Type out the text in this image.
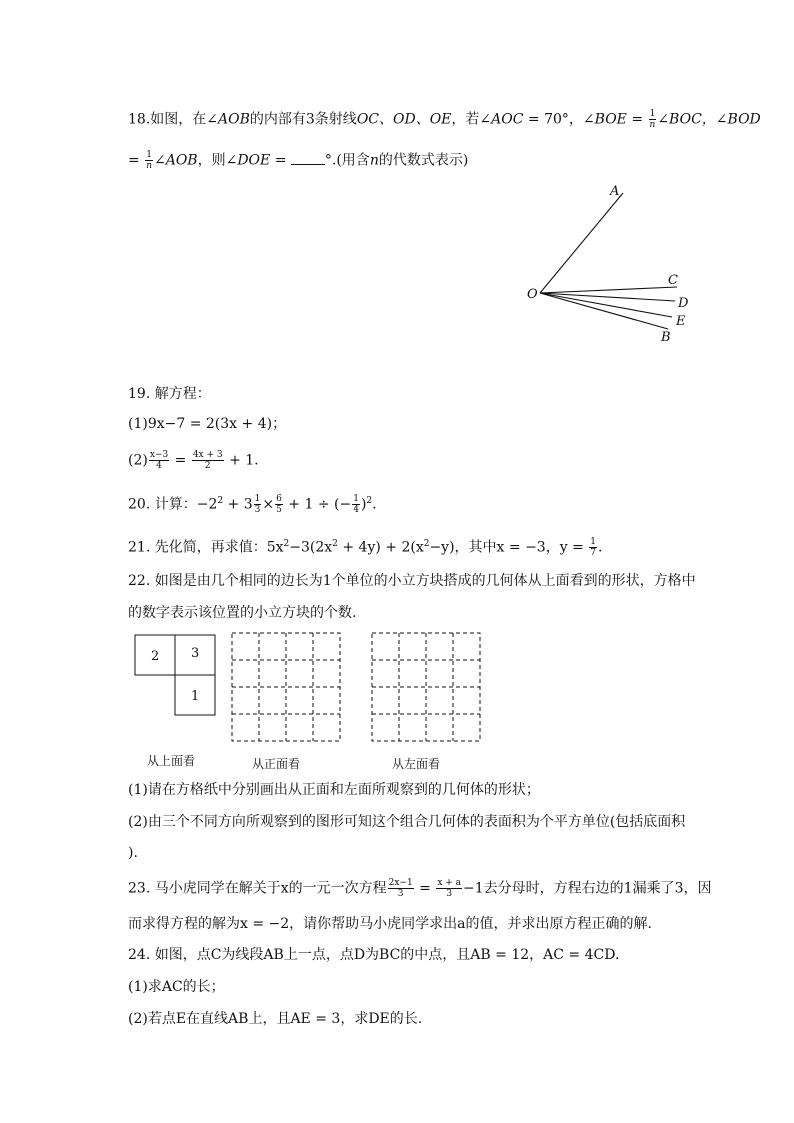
18.如图，在∠AOB的内部有3条射线OC、OD、OE，若∠AOC = 70°，∠BOE = $\frac{1}{n}$ ∠BOC，∠BOD
= $\frac{1}{n}$ ∠AOB，则∠DOE = °.(用含n的代数式表示)
A
O
C
D
E
B
19. 解方程：
(1)9x−7 = 2(3x + 4)；
$(2) \frac{x-3}{4} = \frac{4x + 3}{2} + 1$.
20. 计算：$-2^2 + 3 \frac{1}{3} \times \frac{6}{5} + 1$ ÷ (− $\frac{1}{4} )^2$.
21. 先化简，再求值：$5x^2-3(2x^2 + 4y) + 2(x^2-y)$，其中x = −3，$y = \frac{1}{7}$ .
22. 如图是由几个相同的边长为1个单位的小立方块搭成的几何体从上面看到的形状，方格中
的数字表示该位置的小立方块的个数.
2 3
1
从上面看	从正面看	从左面看
(1)请在方格纸中分别画出从正面和左面所观察到的几何体的形状；
(2)由三个不同方向所观察到的图形可知这个组合几何体的表面积为个平方单位(包括底面积
).
23. 马小虎同学在解关于x的一元一次方程 $\frac{2x-1}{3} = \frac{x + a}{3} -1$去分母时，方程右边的1漏乘了3，因
而求得方程的解为x = −2，请你帮助马小虎同学求出a的值，并求出原方程正确的解.
24. 如图，点C为线段AB上一点，点D为BC的中点，且AB = 12，AC = 4CD.
(1)求AC的长；
(2)若点E在直线AB上，且AE = 3，求DE的长.
